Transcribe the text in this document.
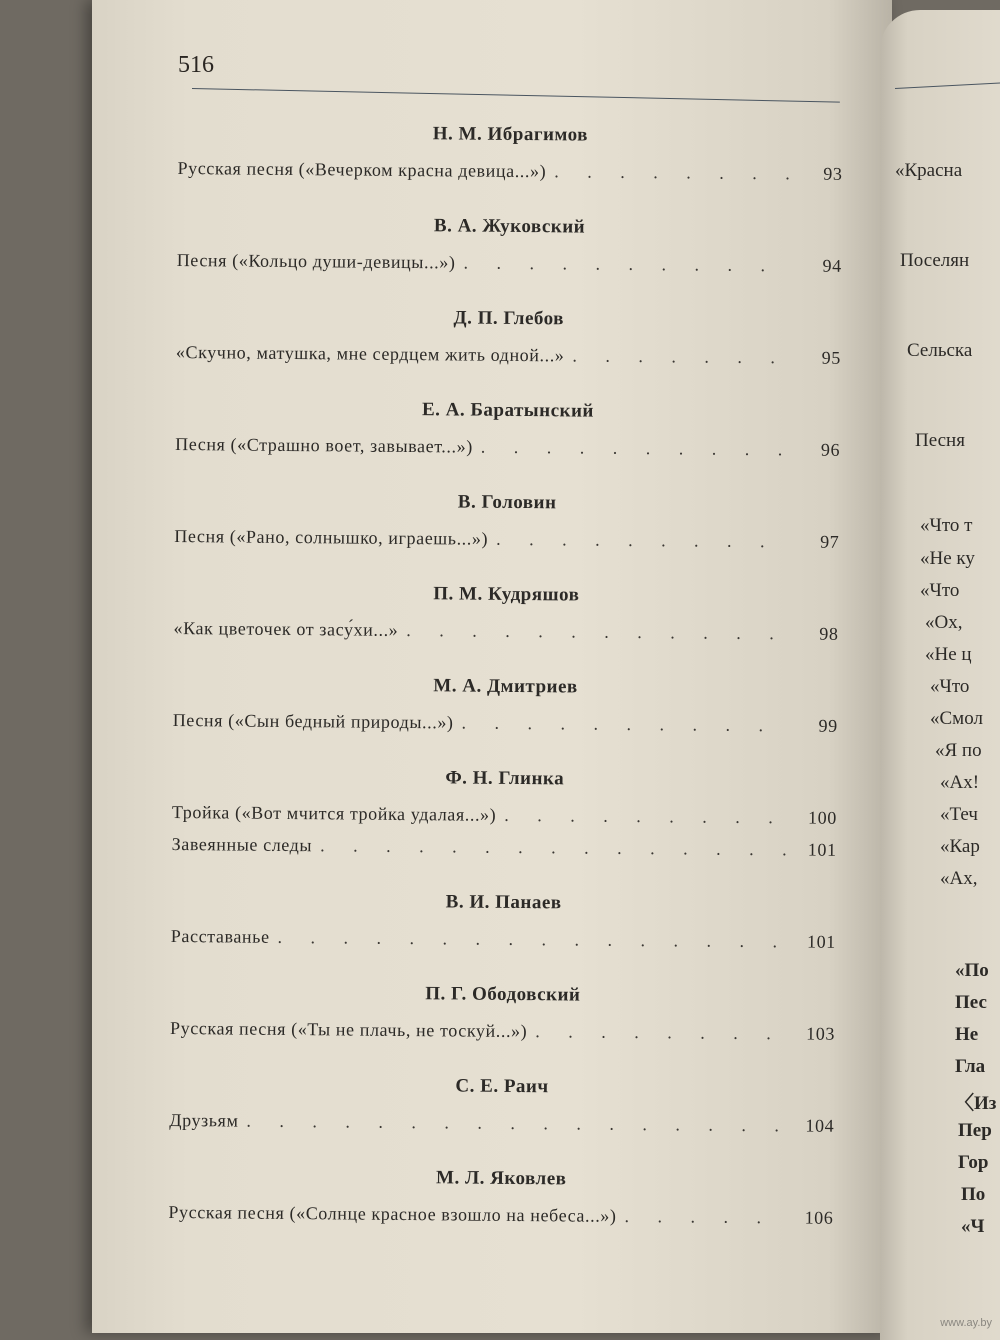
516
Н. М. Ибрагимов
Русская песня («Вечерком красна девица...») . . .	93
В. А. Жуковский
Песня («Кольцо души-девицы...») . . .	94
Д. П. Глебов
«Скучно, матушка, мне сердцем жить одной...» . . .	95
Е. А. Баратынский
Песня («Страшно воет, завывает...») . . .	96
В. Головин
Песня («Рано, солнышко, играешь...») . . .	97
П. М. Кудряшов
«Как цветочек от засу́хи...» . . .	98
М. А. Дмитриев
Песня («Сын бедный природы...») . . .	99
Ф. Н. Глинка
Тройка («Вот мчится тройка удалая...») . . .	100
Завеянные следы . . .	101
В. И. Панаев
Расставанье . . .	101
П. Г. Ободовский
Русская песня («Ты не плачь, не тоскуй...») . . .	103
С. Е. Раич
Друзьям . . .	104
М. Л. Яковлев
Русская песня («Солнце красное взошло на небеса...») . . .	106
«Красна
Поселян
Сельска
Песня
«Что т
«Не ку
«Что
«Ох,
«Не ц
«Что
«Смол
«Я по
«Ах!
«Теч
«Кар
«Ах,
«По
Пес
Не
Гла
〈Из
Пер
Гор
По
«Ч
www.ay.by
